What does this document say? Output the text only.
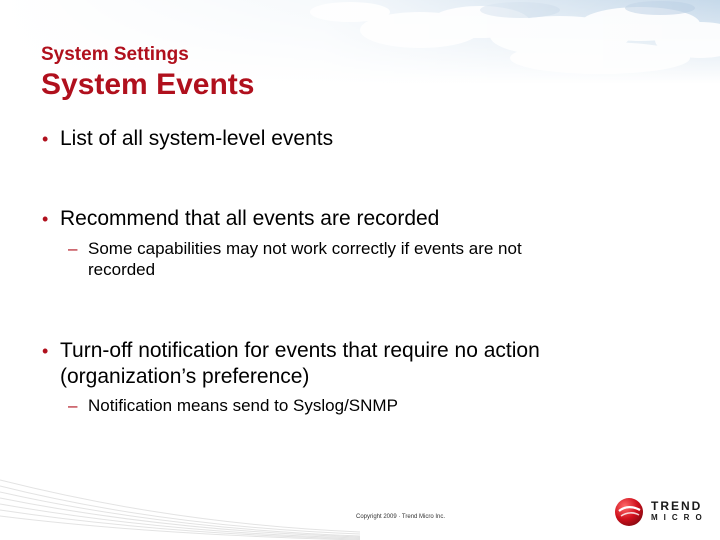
System Settings
System Events
• List of all system-level events
• Recommend that all events are recorded
– Some capabilities may not work correctly if events are not recorded
• Turn-off notification for events that require no action (organization’s preference)
– Notification means send to Syslog/SNMP
Copyright 2009 · Trend Micro Inc.
TREND
MICRO
